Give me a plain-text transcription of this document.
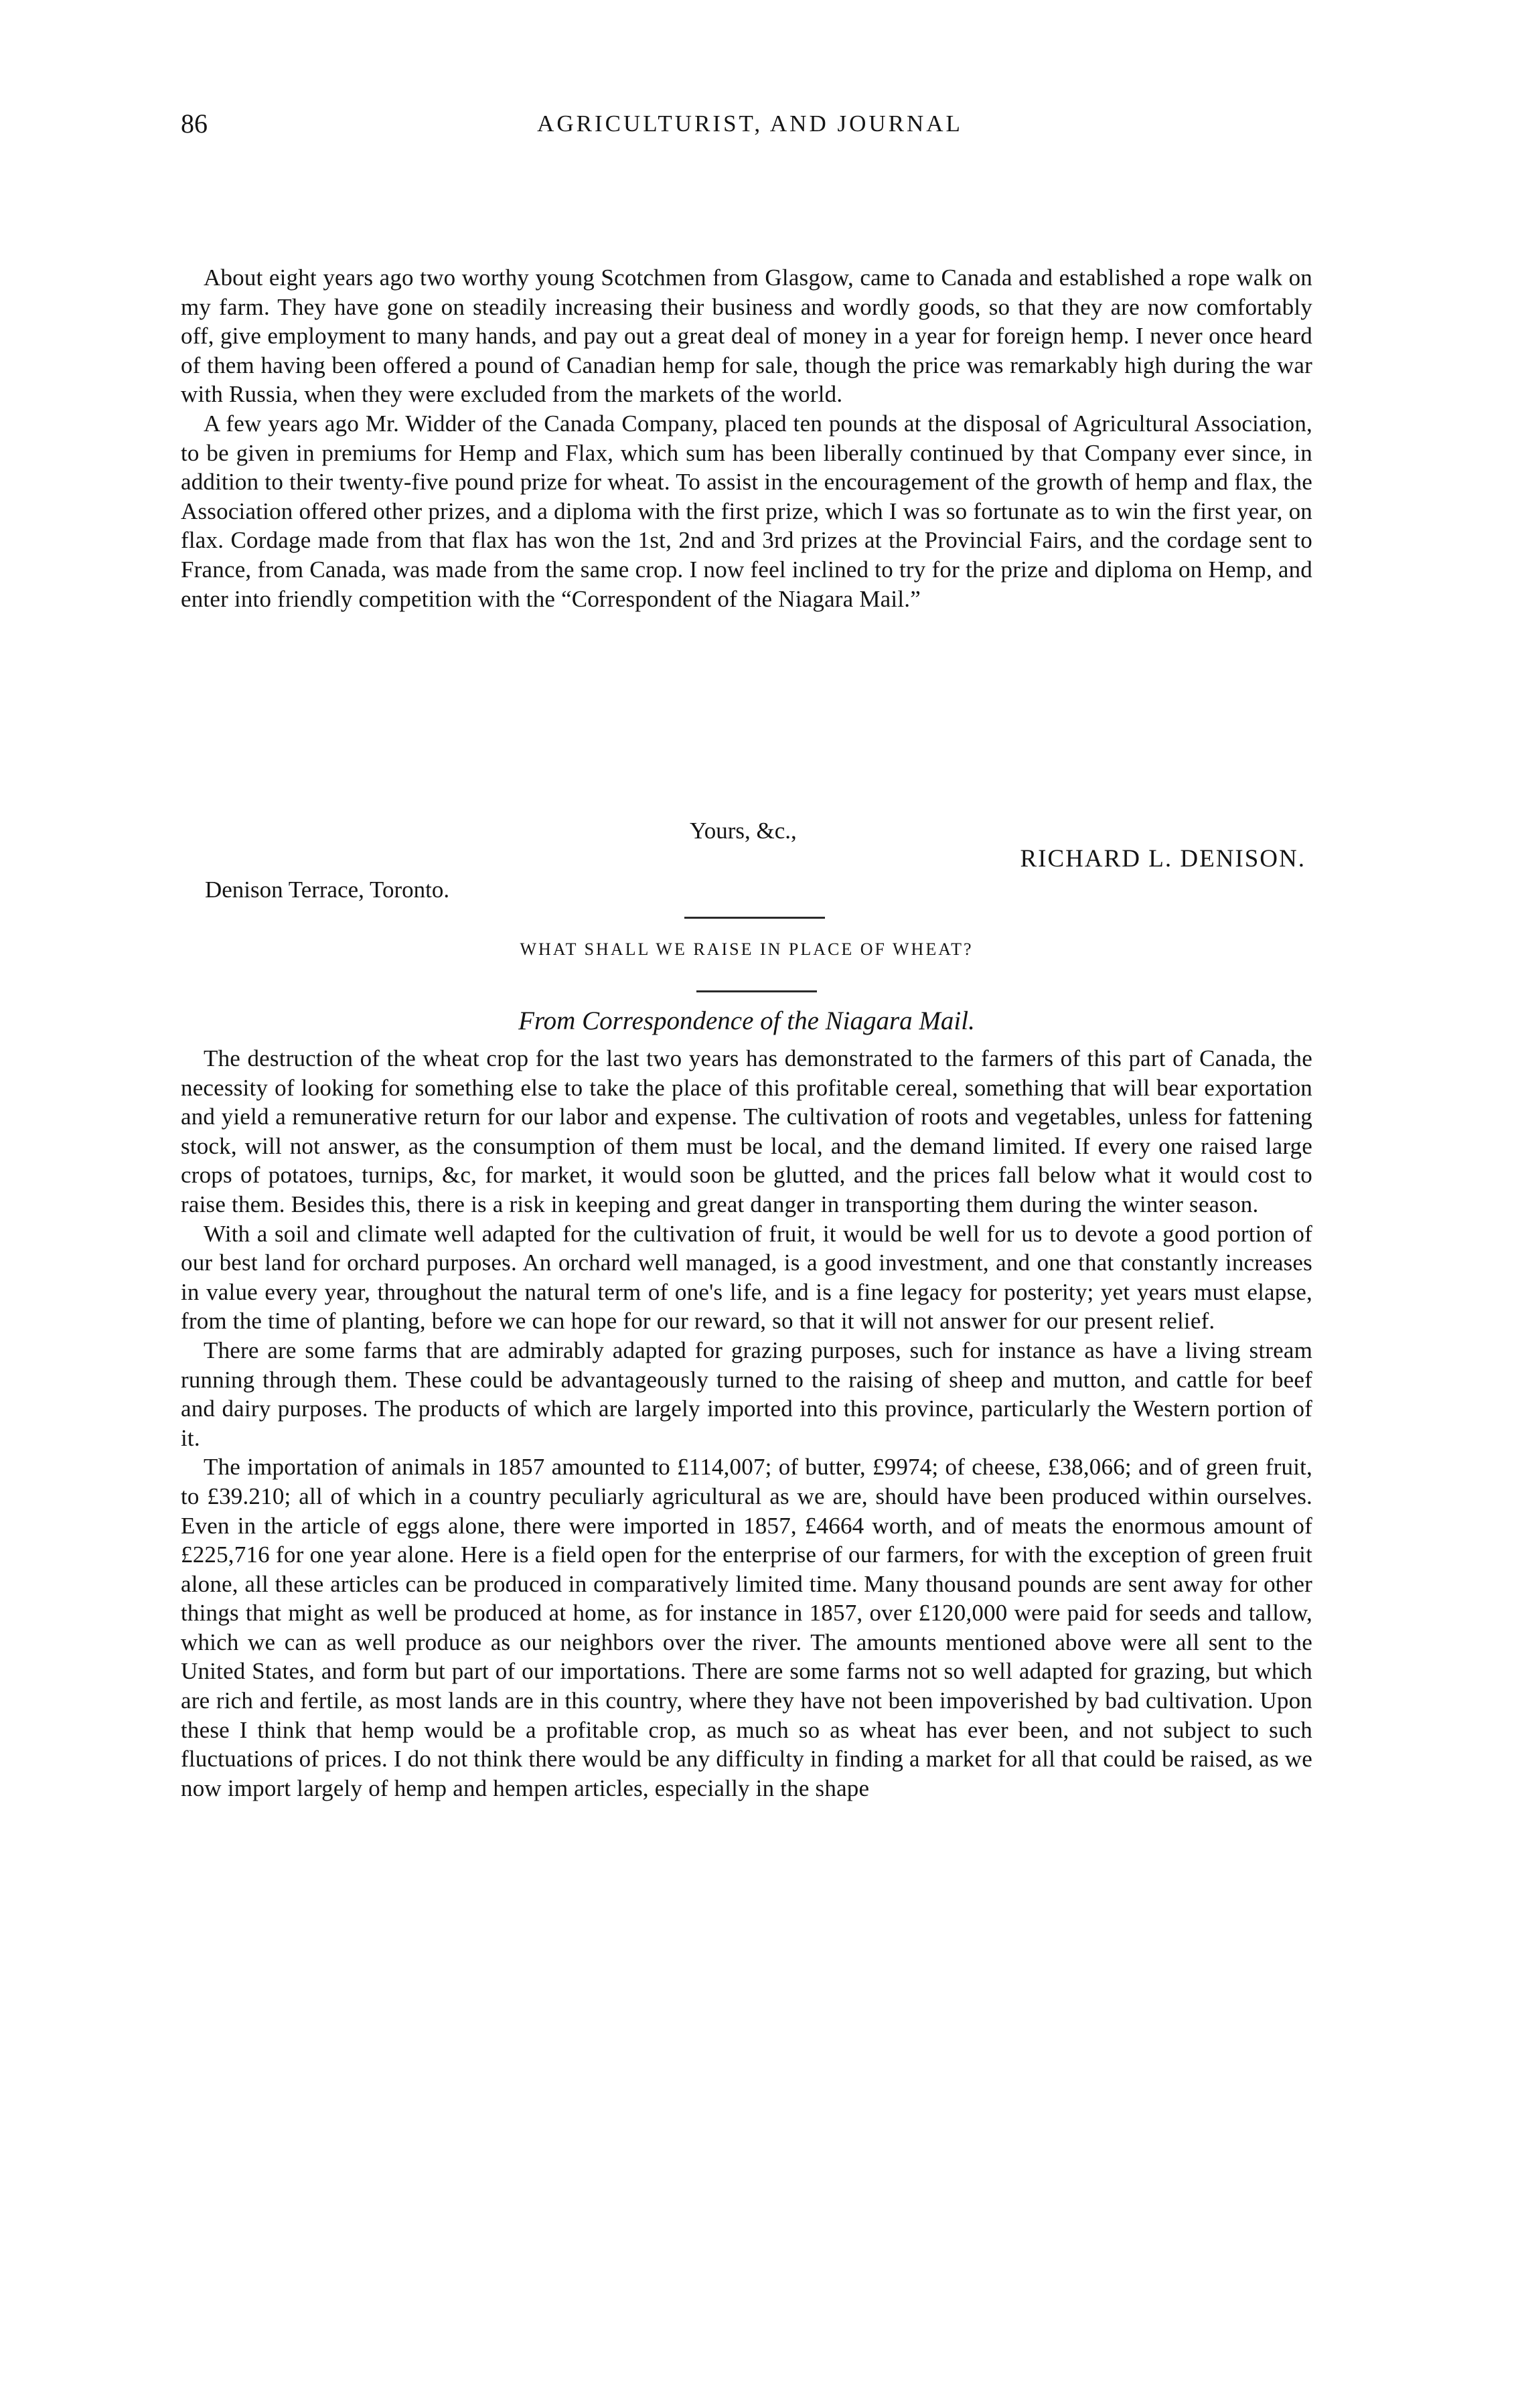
86	AGRICULTURIST, AND JOURNAL

About eight years ago two worthy young Scotchmen from Glasgow, came to Canada and established a rope walk on my farm. They have gone on steadily increasing their business and wordly goods, so that they are now comfortably off, give employment to many hands, and pay out a great deal of money in a year for foreign hemp. I never once heard of them having been offered a pound of Canadian hemp for sale, though the price was remarkably high during the war with Russia, when they were excluded from the markets of the world.

A few years ago Mr. Widder of the Canada Company, placed ten pounds at the disposal of Agricultural Association, to be given in premiums for Hemp and Flax, which sum has been liberally continued by that Company ever since, in addition to their twenty-five pound prize for wheat. To assist in the encouragement of the growth of hemp and flax, the Association offered other prizes, and a diploma with the first prize, which I was so fortunate as to win the first year, on flax. Cordage made from that flax has won the 1st, 2nd and 3rd prizes at the Provincial Fairs, and the cordage sent to France, from Canada, was made from the same crop. I now feel inclined to try for the prize and diploma on Hemp, and enter into friendly competition with the “Correspondent of the Niagara Mail.”

Yours, &c.,
RICHARD L. DENISON.
Denison Terrace, Toronto.
WHAT SHALL WE RAISE IN PLACE OF WHEAT?
From Correspondence of the Niagara Mail.

The destruction of the wheat crop for the last two years has demonstrated to the farmers of this part of Canada, the necessity of looking for something else to take the place of this profitable cereal, something that will bear exportation and yield a remunerative return for our labor and expense. The cultivation of roots and vegetables, unless for fattening stock, will not answer, as the consumption of them must be local, and the demand limited. If every one raised large crops of potatoes, turnips, &c, for market, it would soon be glutted, and the prices fall below what it would cost to raise them. Besides this, there is a risk in keeping and great danger in transporting them during the winter season.

With a soil and climate well adapted for the cultivation of fruit, it would be well for us to devote a good portion of our best land for orchard purposes. An orchard well managed, is a good investment, and one that constantly increases in value every year, throughout the natural term of one's life, and is a fine legacy for posterity; yet years must elapse, from the time of planting, before we can hope for our reward, so that it will not answer for our present relief.

There are some farms that are admirably adapted for grazing purposes, such for instance as have a living stream running through them. These could be advantageously turned to the raising of sheep and mutton, and cattle for beef and dairy purposes. The products of which are largely imported into this province, particularly the Western portion of it.

The importation of animals in 1857 amounted to £114,007; of butter, £9974; of cheese, £38,066; and of green fruit, to £39.210; all of which in a country peculiarly agricultural as we are, should have been produced within ourselves. Even in the article of eggs alone, there were imported in 1857, £4664 worth, and of meats the enormous amount of £225,716 for one year alone. Here is a field open for the enterprise of our farmers, for with the exception of green fruit alone, all these articles can be produced in comparatively limited time. Many thousand pounds are sent away for other things that might as well be produced at home, as for instance in 1857, over £120,000 were paid for seeds and tallow, which we can as well produce as our neighbors over the river. The amounts mentioned above were all sent to the United States, and form but part of our importations. There are some farms not so well adapted for grazing, but which are rich and fertile, as most lands are in this country, where they have not been impoverished by bad cultivation. Upon these I think that hemp would be a profitable crop, as much so as wheat has ever been, and not subject to such fluctuations of prices. I do not think there would be any difficulty in finding a market for all that could be raised, as we now import largely of hemp and hempen articles, especially in the shape
